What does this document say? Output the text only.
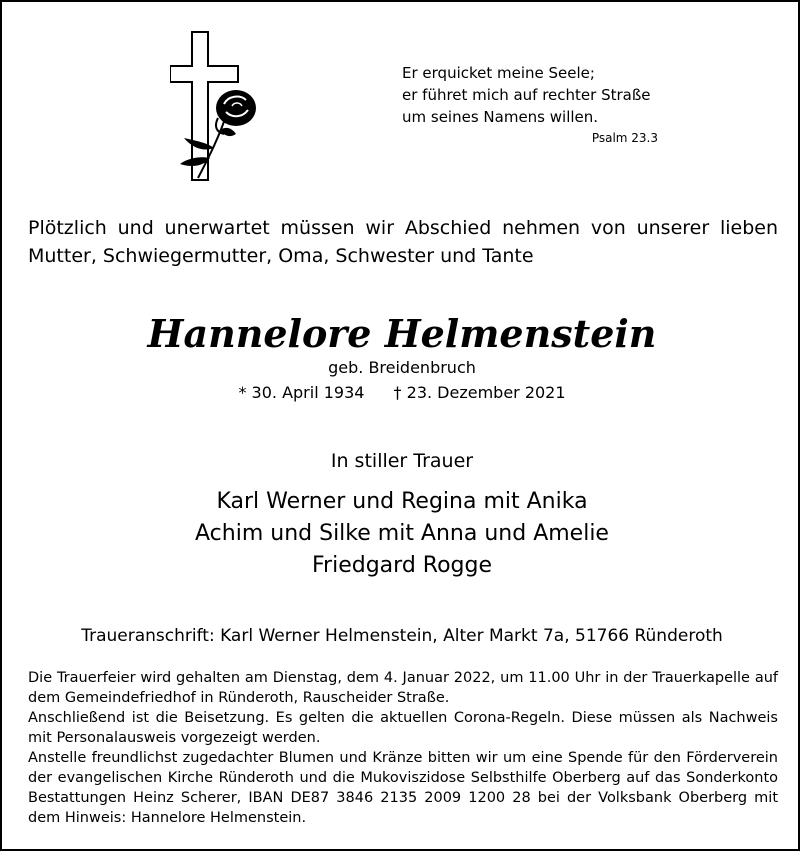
Er erquicket meine Seele;
er führet mich auf rechter Straße
um seines Namens willen.
Psalm 23.3
Plötzlich und unerwartet müssen wir Abschied nehmen von unserer lieben
Mutter, Schwiegermutter, Oma, Schwester und Tante
Hannelore Helmenstein
geb. Breidenbruch
* 30. April 1934 † 23. Dezember 2021
In stiller Trauer
Karl Werner und Regina mit Anika
Achim und Silke mit Anna und Amelie
Friedgard Rogge
Traueranschrift: Karl Werner Helmenstein, Alter Markt 7a, 51766 Ründeroth

Die Trauerfeier wird gehalten am Dienstag, dem 4. Januar 2022, um 11.00 Uhr in der Trauerkapelle auf dem Gemeindefriedhof in Ründeroth, Rauscheider Straße.

Anschließend ist die Beisetzung. Es gelten die aktuellen Corona-Regeln. Diese müssen als Nachweis mit Personalausweis vorgezeigt werden.

Anstelle freundlichst zugedachter Blumen und Kränze bitten wir um eine Spende für den Förderverein der evangelischen Kirche Ründeroth und die Mukoviszidose Selbsthilfe Oberberg auf das Sonderkonto Bestattungen Heinz Scherer, IBAN DE87 3846 2135 2009 1200 28 bei der Volksbank Oberberg mit dem Hinweis: Hannelore Helmenstein.
